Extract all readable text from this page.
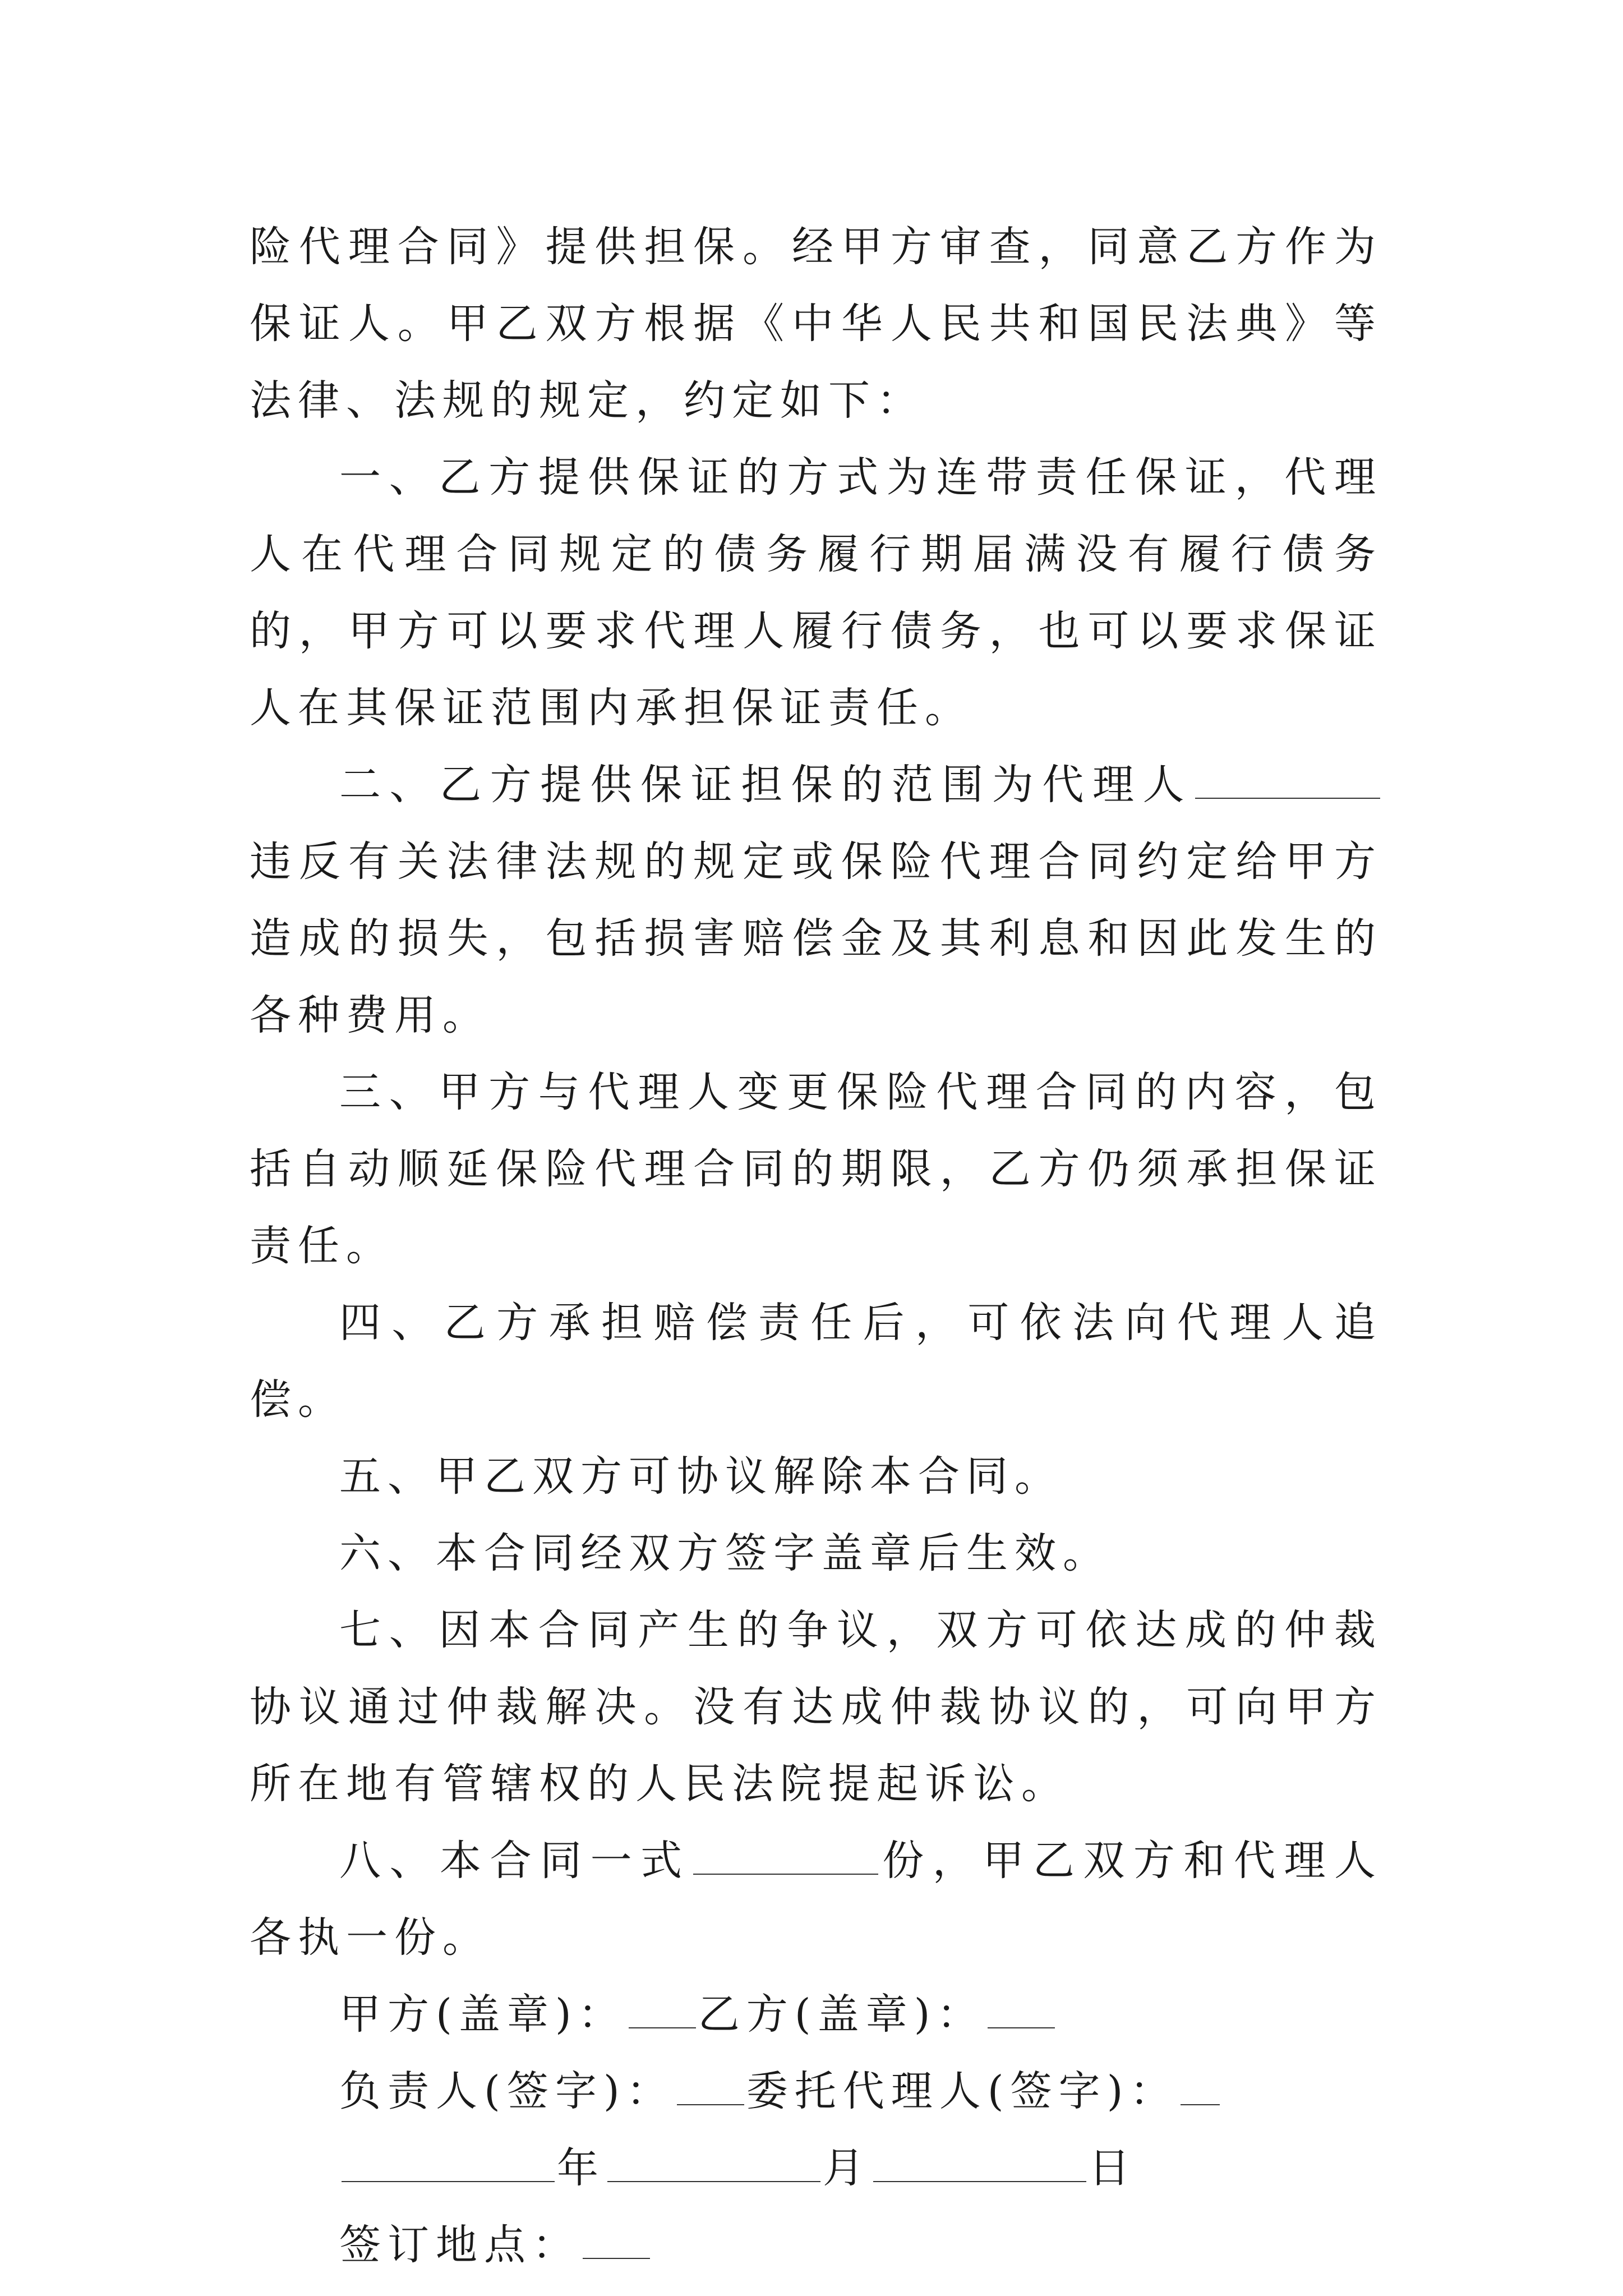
险代理合同》提供担保。经甲方审查，同意乙方作为保证人。甲乙双方根据《中华人民共和国民法典》等法律、法规的规定，约定如下：

一、乙方提供保证的方式为连带责任保证，代理人在代理合同规定的债务履行期届满没有履行债务的，甲方可以要求代理人履行债务，也可以要求保证人在其保证范围内承担保证责任。

二、乙方提供保证担保的范围为代理人违反有关法律法规的规定或保险代理合同约定给甲方造成的损失，包括损害赔偿金及其利息和因此发生的各种费用。

三、甲方与代理人变更保险代理合同的内容，包括自动顺延保险代理合同的期限，乙方仍须承担保证责任。

四、乙方承担赔偿责任后，可依法向代理人追偿。

五、甲乙双方可协议解除本合同。

六、本合同经双方签字盖章后生效。

七、因本合同产生的争议，双方可依达成的仲裁协议通过仲裁解决。没有达成仲裁协议的，可向甲方所在地有管辖权的人民法院提起诉讼。

八、本合同一式	份，甲乙双方和代理人各执一份。

甲方(盖章)： 乙方(盖章)：

负责人(签字)： 委托代理人(签字)：

年	月	日

签订地点：
